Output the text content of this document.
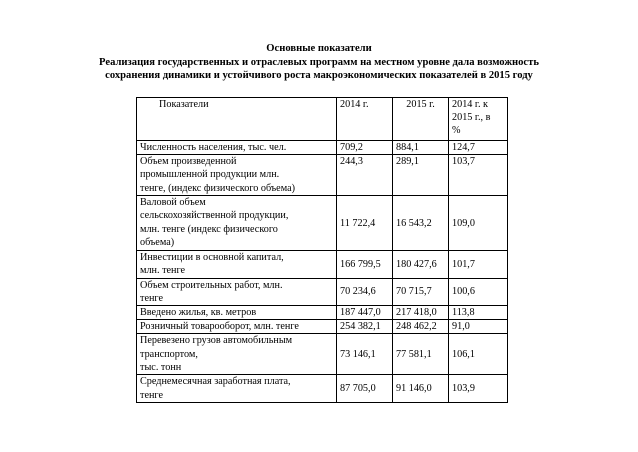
Основные показатели
Реализация государственных и отраслевых программ на местном уровне дала возможность
сохранения динамики и устойчивого роста макроэкономических показателей в 2015 году
Показатели	2014 г.	2015 г.	2014 г. к
2015 г., в
%
Численность населения, тыс. чел.	709,2	884,1	124,7
Объем произведенной
промышленной продукции млн.
тенге, (индекс физического объема)	244,3	289,1	103,7
Валовой объем
сельскохозяйственной продукции,
млн. тенге (индекс физического
объема)	11 722,4	16 543,2	109,0
Инвестиции в основной капитал,
млн. тенге	166 799,5	180 427,6	101,7
Объем строительных работ, млн.
тенге	70 234,6	70 715,7	100,6
Введено жилья, кв. метров	187 447,0	217 418,0	113,8
Розничный товарооборот, млн. тенге	254 382,1	248 462,2	91,0
Перевезено грузов автомобильным
транспортом,
тыс. тонн	73 146,1	77 581,1	106,1
Среднемесячная заработная плата,
тенге	87 705,0	91 146,0	103,9
